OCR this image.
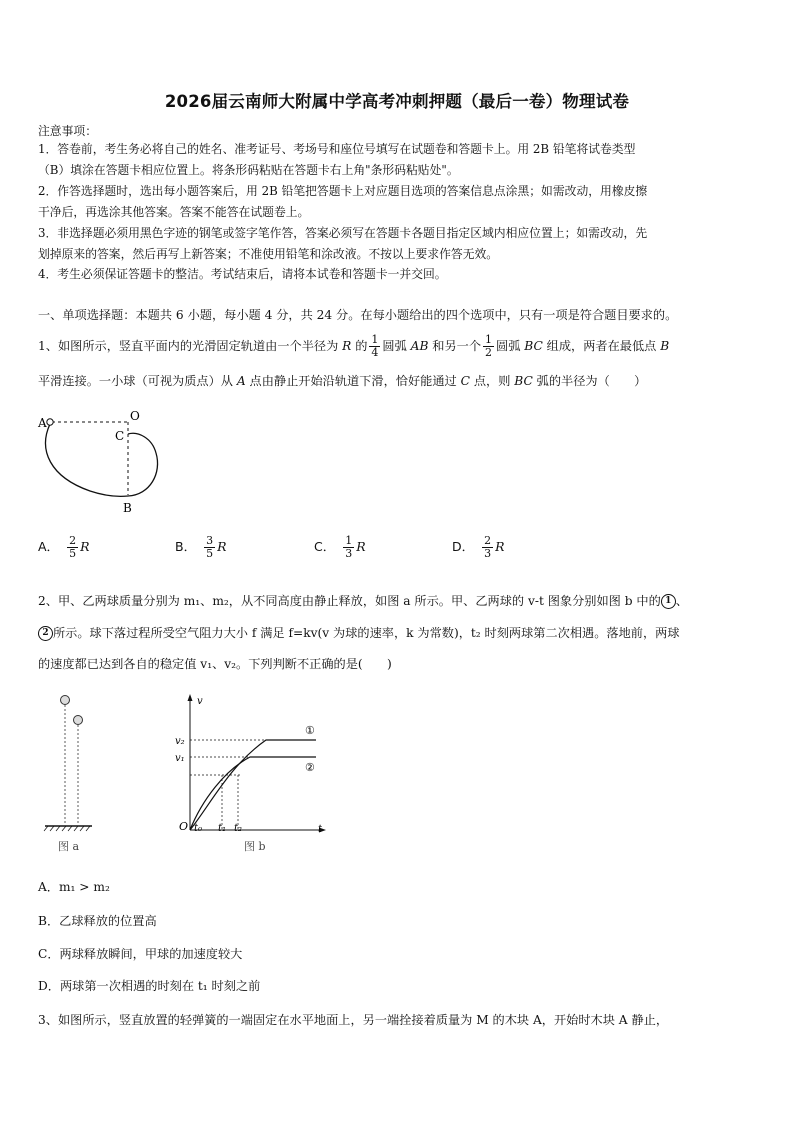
2026届云南师大附属中学高考冲刺押题（最后一卷）物理试卷
注意事项：
1．答卷前，考生务必将自己的姓名、准考证号、考场号和座位号填写在试题卷和答题卡上。用 2B 铅笔将试卷类型
（B）填涂在答题卡相应位置上。将条形码粘贴在答题卡右上角"条形码粘贴处"。
2．作答选择题时，选出每小题答案后，用 2B 铅笔把答题卡上对应题目选项的答案信息点涂黑；如需改动，用橡皮擦
干净后，再选涂其他答案。答案不能答在试题卷上。
3．非选择题必须用黑色字迹的钢笔或签字笔作答，答案必须写在答题卡各题目指定区域内相应位置上；如需改动，先
划掉原来的答案，然后再写上新答案；不准使用铅笔和涂改液。不按以上要求作答无效。
4．考生必须保证答题卡的整洁。考试结束后，请将本试卷和答题卡一并交回。
一、单项选择题：本题共 6 小题，每小题 4 分，共 24 分。在每小题给出的四个选项中，只有一项是符合题目要求的。
1、如图所示，竖直平面内的光滑固定轨道由一个半径为 R 的 $\frac{1}{4}$ 圆弧 AB 和另一个 $\frac{1}{2}$ 圆弧 BC 组成，两者在最低点 B
平滑连接。一小球（可视为质点）从 A 点由静止开始沿轨道下滑，恰好能通过 C 点，则 BC 弧的半径为（　　）
A	O
C
B
A． $\frac{2}{5}$ R	B． $\frac{3}{5}$ R	C． $\frac{1}{3}$ R	D． $\frac{2}{3}$ R
2、甲、乙两球质量分别为 m₁、m₂，从不同高度由静止释放，如图 a 所示。甲、乙两球的 v-t 图象分别如图 b 中的 1 、
2 所示。球下落过程所受空气阻力大小 f 满足 f=kv(v 为球的速率，k 为常数)，t₂ 时刻两球第二次相遇。落地前，两球
的速度都已达到各自的稳定值 v₁、v₂。下列判断不正确的是(　　)
图 a
v
v₂
v₁
O t₀ t₁ t₂	t
①
②
图 b
A．m₁ > m₂
B．乙球释放的位置高
C．两球释放瞬间，甲球的加速度较大
D．两球第一次相遇的时刻在 t₁ 时刻之前
3、如图所示，竖直放置的轻弹簧的一端固定在水平地面上，另一端拴接着质量为 M 的木块 A，开始时木块 A 静止，
